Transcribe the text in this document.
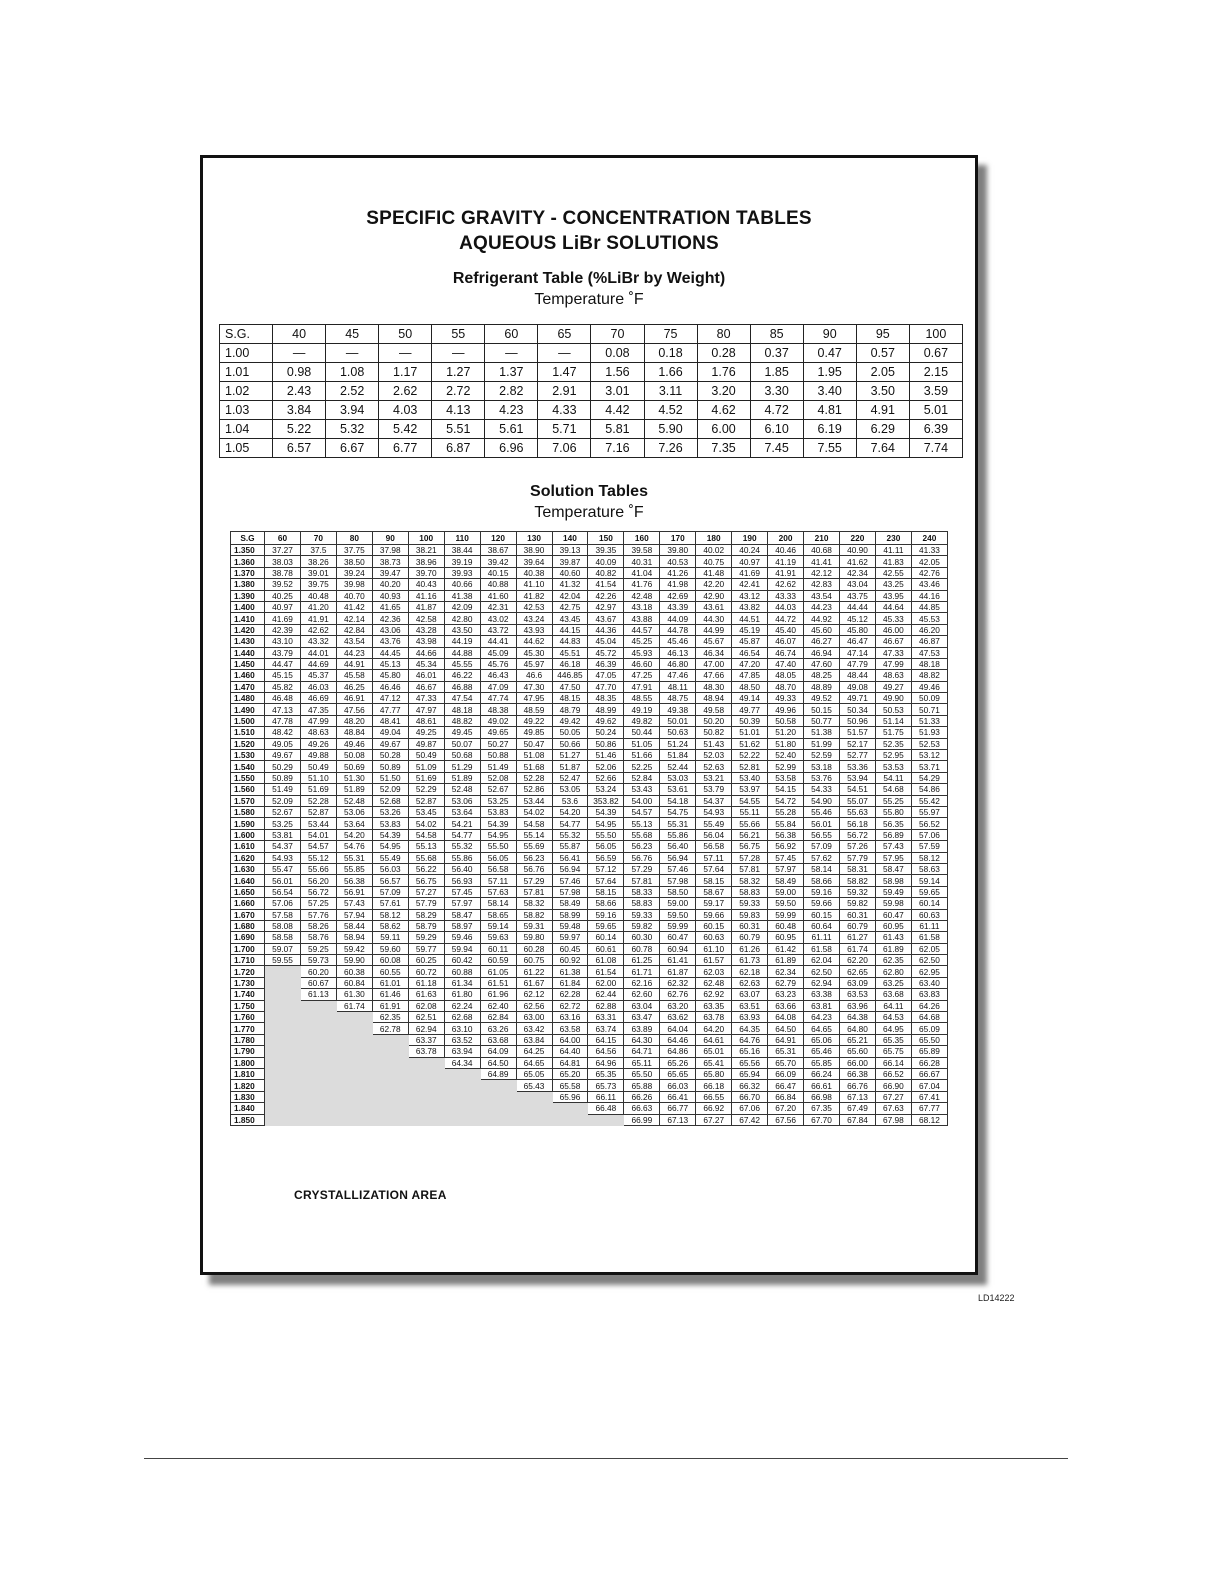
SPECIFIC GRAVITY - CONCENTRATION TABLES
AQUEOUS LiBr SOLUTIONS
Refrigerant Table (%LiBr by Weight)
Temperature ˚F
S.G.	40	45	50	55	60	65	70	75	80	85	90	95	100
1.00	—	—	—	—	—	—	0.08	0.18	0.28	0.37	0.47	0.57	0.67
1.01	0.98	1.08	1.17	1.27	1.37	1.47	1.56	1.66	1.76	1.85	1.95	2.05	2.15
1.02	2.43	2.52	2.62	2.72	2.82	2.91	3.01	3.11	3.20	3.30	3.40	3.50	3.59
1.03	3.84	3.94	4.03	4.13	4.23	4.33	4.42	4.52	4.62	4.72	4.81	4.91	5.01
1.04	5.22	5.32	5.42	5.51	5.61	5.71	5.81	5.90	6.00	6.10	6.19	6.29	6.39
1.05	6.57	6.67	6.77	6.87	6.96	7.06	7.16	7.26	7.35	7.45	7.55	7.64	7.74
Solution Tables
Temperature ˚F
S.G	60	70	80	90	100	110	120	130	140	150	160	170	180	190	200	210	220	230	240
1.350	37.27	37.5	37.75	37.98	38.21	38.44	38.67	38.90	39.13	39.35	39.58	39.80	40.02	40.24	40.46	40.68	40.90	41.11	41.33
1.360	38.03	38.26	38.50	38.73	38.96	39.19	39.42	39.64	39.87	40.09	40.31	40.53	40.75	40.97	41.19	41.41	41.62	41.83	42.05
1.370	38.78	39.01	39.24	39.47	39.70	39.93	40.15	40.38	40.60	40.82	41.04	41.26	41.48	41.69	41.91	42.12	42.34	42.55	42.76
1.380	39.52	39.75	39.98	40.20	40.43	40.66	40.88	41.10	41.32	41.54	41.76	41.98	42.20	42.41	42.62	42.83	43.04	43.25	43.46
1.390	40.25	40.48	40.70	40.93	41.16	41.38	41.60	41.82	42.04	42.26	42.48	42.69	42.90	43.12	43.33	43.54	43.75	43.95	44.16
1.400	40.97	41.20	41.42	41.65	41.87	42.09	42.31	42.53	42.75	42.97	43.18	43.39	43.61	43.82	44.03	44.23	44.44	44.64	44.85
1.410	41.69	41.91	42.14	42.36	42.58	42.80	43.02	43.24	43.45	43.67	43.88	44.09	44.30	44.51	44.72	44.92	45.12	45.33	45.53
1.420	42.39	42.62	42.84	43.06	43.28	43.50	43.72	43.93	44.15	44.36	44.57	44.78	44.99	45.19	45.40	45.60	45.80	46.00	46.20
1.430	43.10	43.32	43.54	43.76	43.98	44.19	44.41	44.62	44.83	45.04	45.25	45.46	45.67	45.87	46.07	46.27	46.47	46.67	46.87
1.440	43.79	44.01	44.23	44.45	44.66	44.88	45.09	45.30	45.51	45.72	45.93	46.13	46.34	46.54	46.74	46.94	47.14	47.33	47.53
1.450	44.47	44.69	44.91	45.13	45.34	45.55	45.76	45.97	46.18	46.39	46.60	46.80	47.00	47.20	47.40	47.60	47.79	47.99	48.18
1.460	45.15	45.37	45.58	45.80	46.01	46.22	46.43	46.6	446.85	47.05	47.25	47.46	47.66	47.85	48.05	48.25	48.44	48.63	48.82
1.470	45.82	46.03	46.25	46.46	46.67	46.88	47.09	47.30	47.50	47.70	47.91	48.11	48.30	48.50	48.70	48.89	49.08	49.27	49.46
1.480	46.48	46.69	46.91	47.12	47.33	47.54	47.74	47.95	48.15	48.35	48.55	48.75	48.94	49.14	49.33	49.52	49.71	49.90	50.09
1.490	47.13	47.35	47.56	47.77	47.97	48.18	48.38	48.59	48.79	48.99	49.19	49.38	49.58	49.77	49.96	50.15	50.34	50.53	50.71
1.500	47.78	47.99	48.20	48.41	48.61	48.82	49.02	49.22	49.42	49.62	49.82	50.01	50.20	50.39	50.58	50.77	50.96	51.14	51.33
1.510	48.42	48.63	48.84	49.04	49.25	49.45	49.65	49.85	50.05	50.24	50.44	50.63	50.82	51.01	51.20	51.38	51.57	51.75	51.93
1.520	49.05	49.26	49.46	49.67	49.87	50.07	50.27	50.47	50.66	50.86	51.05	51.24	51.43	51.62	51.80	51.99	52.17	52.35	52.53
1.530	49.67	49.88	50.08	50.28	50.49	50.68	50.88	51.08	51.27	51.46	51.66	51.84	52.03	52.22	52.40	52.59	52.77	52.95	53.12
1.540	50.29	50.49	50.69	50.89	51.09	51.29	51.49	51.68	51.87	52.06	52.25	52.44	52.63	52.81	52.99	53.18	53.36	53.53	53.71
1.550	50.89	51.10	51.30	51.50	51.69	51.89	52.08	52.28	52.47	52.66	52.84	53.03	53.21	53.40	53.58	53.76	53.94	54.11	54.29
1.560	51.49	51.69	51.89	52.09	52.29	52.48	52.67	52.86	53.05	53.24	53.43	53.61	53.79	53.97	54.15	54.33	54.51	54.68	54.86
1.570	52.09	52.28	52.48	52.68	52.87	53.06	53.25	53.44	53.6	353.82	54.00	54.18	54.37	54.55	54.72	54.90	55.07	55.25	55.42
1.580	52.67	52.87	53.06	53.26	53.45	53.64	53.83	54.02	54.20	54.39	54.57	54.75	54.93	55.11	55.28	55.46	55.63	55.80	55.97
1.590	53.25	53.44	53.64	53.83	54.02	54.21	54.39	54.58	54.77	54.95	55.13	55.31	55.49	55.66	55.84	56.01	56.18	56.35	56.52
1.600	53.81	54.01	54.20	54.39	54.58	54.77	54.95	55.14	55.32	55.50	55.68	55.86	56.04	56.21	56.38	56.55	56.72	56.89	57.06
1.610	54.37	54.57	54.76	54.95	55.13	55.32	55.50	55.69	55.87	56.05	56.23	56.40	56.58	56.75	56.92	57.09	57.26	57.43	57.59
1.620	54.93	55.12	55.31	55.49	55.68	55.86	56.05	56.23	56.41	56.59	56.76	56.94	57.11	57.28	57.45	57.62	57.79	57.95	58.12
1.630	55.47	55.66	55.85	56.03	56.22	56.40	56.58	56.76	56.94	57.12	57.29	57.46	57.64	57.81	57.97	58.14	58.31	58.47	58.63
1.640	56.01	56.20	56.38	56.57	56.75	56.93	57.11	57.29	57.46	57.64	57.81	57.98	58.15	58.32	58.49	58.66	58.82	58.98	59.14
1.650	56.54	56.72	56.91	57.09	57.27	57.45	57.63	57.81	57.98	58.15	58.33	58.50	58.67	58.83	59.00	59.16	59.32	59.49	59.65
1.660	57.06	57.25	57.43	57.61	57.79	57.97	58.14	58.32	58.49	58.66	58.83	59.00	59.17	59.33	59.50	59.66	59.82	59.98	60.14
1.670	57.58	57.76	57.94	58.12	58.29	58.47	58.65	58.82	58.99	59.16	59.33	59.50	59.66	59.83	59.99	60.15	60.31	60.47	60.63
1.680	58.08	58.26	58.44	58.62	58.79	58.97	59.14	59.31	59.48	59.65	59.82	59.99	60.15	60.31	60.48	60.64	60.79	60.95	61.11
1.690	58.58	58.76	58.94	59.11	59.29	59.46	59.63	59.80	59.97	60.14	60.30	60.47	60.63	60.79	60.95	61.11	61.27	61.43	61.58
1.700	59.07	59.25	59.42	59.60	59.77	59.94	60.11	60.28	60.45	60.61	60.78	60.94	61.10	61.26	61.42	61.58	61.74	61.89	62.05
1.710	59.55	59.73	59.90	60.08	60.25	60.42	60.59	60.75	60.92	61.08	61.25	61.41	61.57	61.73	61.89	62.04	62.20	62.35	62.50
1.720		60.20	60.38	60.55	60.72	60.88	61.05	61.22	61.38	61.54	61.71	61.87	62.03	62.18	62.34	62.50	62.65	62.80	62.95
1.730		60.67	60.84	61.01	61.18	61.34	61.51	61.67	61.84	62.00	62.16	62.32	62.48	62.63	62.79	62.94	63.09	63.25	63.40
1.740		61.13	61.30	61.46	61.63	61.80	61.96	62.12	62.28	62.44	62.60	62.76	62.92	63.07	63.23	63.38	63.53	63.68	63.83
1.750			61.74	61.91	62.08	62.24	62.40	62.56	62.72	62.88	63.04	63.20	63.35	63.51	63.66	63.81	63.96	64.11	64.26
1.760				62.35	62.51	62.68	62.84	63.00	63.16	63.31	63.47	63.62	63.78	63.93	64.08	64.23	64.38	64.53	64.68
1.770				62.78	62.94	63.10	63.26	63.42	63.58	63.74	63.89	64.04	64.20	64.35	64.50	64.65	64.80	64.95	65.09
1.780					63.37	63.52	63.68	63.84	64.00	64.15	64.30	64.46	64.61	64.76	64.91	65.06	65.21	65.35	65.50
1.790					63.78	63.94	64.09	64.25	64.40	64.56	64.71	64.86	65.01	65.16	65.31	65.46	65.60	65.75	65.89
1.800						64.34	64.50	64.65	64.81	64.96	65.11	65.26	65.41	65.56	65.70	65.85	66.00	66.14	66.28
1.810							64.89	65.05	65.20	65.35	65.50	65.65	65.80	65.94	66.09	66.24	66.38	66.52	66.67
1.820								65.43	65.58	65.73	65.88	66.03	66.18	66.32	66.47	66.61	66.76	66.90	67.04
1.830									65.96	66.11	66.26	66.41	66.55	66.70	66.84	66.98	67.13	67.27	67.41
1.840										66.48	66.63	66.77	66.92	67.06	67.20	67.35	67.49	67.63	67.77
1.850											66.99	67.13	67.27	67.42	67.56	67.70	67.84	67.98	68.12
CRYSTALLIZATION AREA
LD14222
